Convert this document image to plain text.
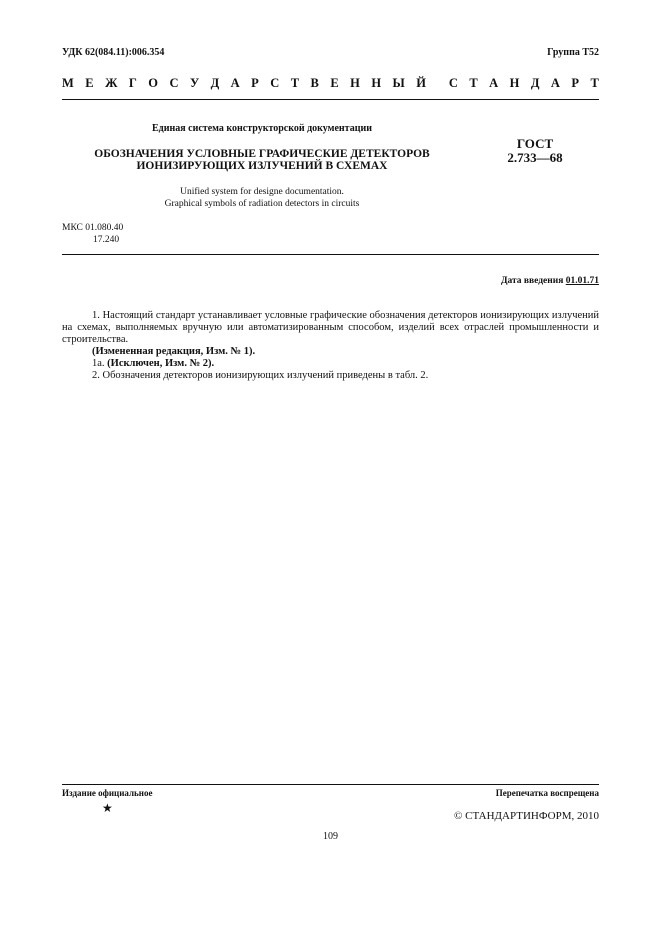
УДК 62(084.11):006.354	Группа Т52
М Е Ж Г О С У Д А Р С Т В Е Н Н Ы Й С Т А Н Д А Р Т
Единая система конструкторской документации
ОБОЗНАЧЕНИЯ УСЛОВНЫЕ ГРАФИЧЕСКИЕ ДЕТЕКТОРОВ
ИОНИЗИРУЮЩИХ ИЗЛУЧЕНИЙ В СХЕМАХ
ГОСТ
2.733—68
Unified system for designe documentation.
Graphical symbols of radiation detectors in circuits
МКС 01.080.40
17.240
Дата введения 01.01.71
1. Настоящий стандарт устанавливает условные графические обозначения детекторов ионизирующих излучений на схемах, выполняемых вручную или автоматизированным способом, изделий всех отраслей промышленности и строительства.
(Измененная редакция, Изм. № 1).
1а. (Исключен, Изм. № 2).
2. Обозначения детекторов ионизирующих излучений приведены в табл. 2.
Издание официальное	Перепечатка воспрещена
★
© СТАНДАРТИНФОРМ, 2010
109
